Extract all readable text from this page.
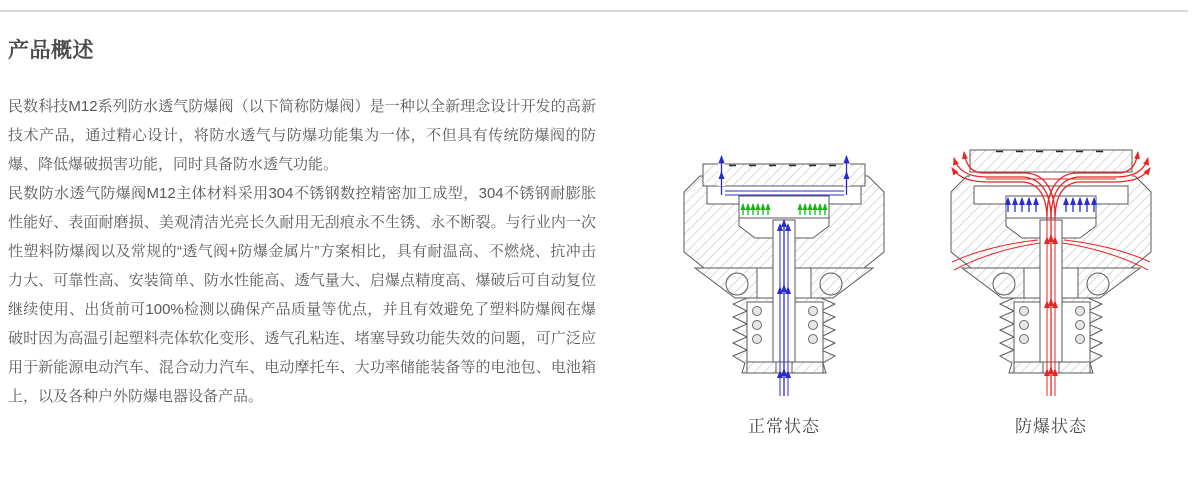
产品概述

民数科技M12系列防水透气防爆阀（以下简称防爆阀）是一种以全新理念设计开发的高新技术产品，通过精心设计，将防水透气与防爆功能集为一体，不但具有传统防爆阀的防爆、降低爆破损害功能，同时具备防水透气功能。

民数防水透气防爆阀M12主体材料采用304不锈钢数控精密加工成型，304不锈钢耐膨胀性能好、表面耐磨损、美观清洁光亮长久耐用无刮痕永不生锈、永不断裂。与行业内一次性塑料防爆阀以及常规的“透气阀+防爆金属片”方案相比，具有耐温高、不燃烧、抗冲击力大、可靠性高、安装简单、防水性能高、透气量大、启爆点精度高、爆破后可自动复位继续使用、出货前可100%检测以确保产品质量等优点，并且有效避免了塑料防爆阀在爆破时因为高温引起塑料壳体软化变形、透气孔粘连、堵塞导致功能失效的问题，可广泛应用于新能源电动汽车、混合动力汽车、电动摩托车、大功率储能装备等的电池包、电池箱上，以及各种户外防爆电器设备产品。

正常状态	防爆状态
